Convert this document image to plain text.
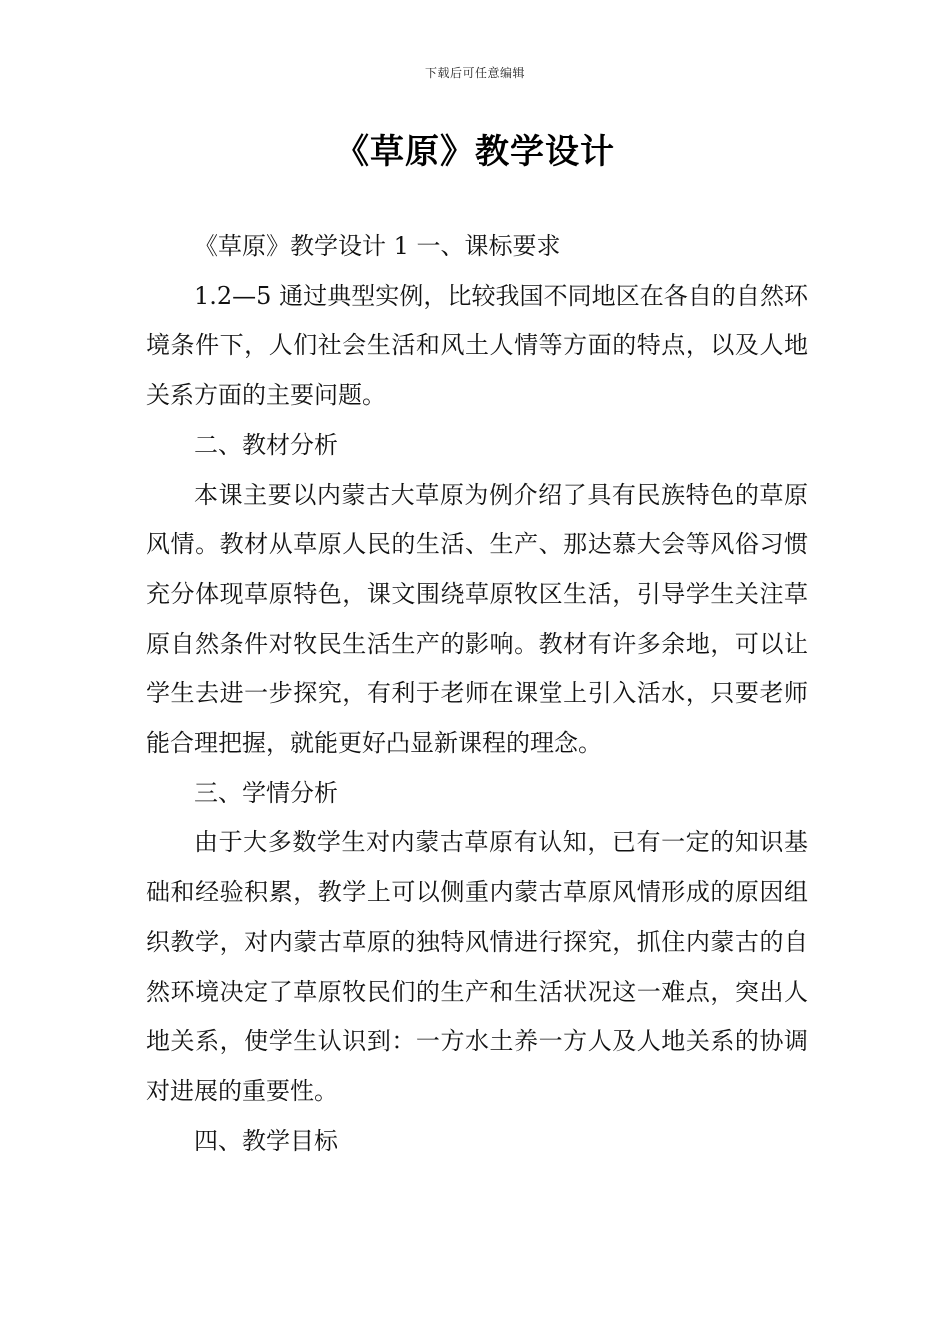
下载后可任意编辑
《草原》教学设计

《草原》教学设计 1 一、课标要求

1.2—5 通过典型实例，比较我国不同地区在各自的自然环境条件下，人们社会生活和风土人情等方面的特点，以及人地关系方面的主要问题。

二、教材分析

本课主要以内蒙古大草原为例介绍了具有民族特色的草原风情。教材从草原人民的生活、生产、那达慕大会等风俗习惯充分体现草原特色，课文围绕草原牧区生活，引导学生关注草原自然条件对牧民生活生产的影响。教材有许多余地，可以让学生去进一步探究，有利于老师在课堂上引入活水，只要老师能合理把握，就能更好凸显新课程的理念。

三、学情分析

由于大多数学生对内蒙古草原有认知，已有一定的知识基础和经验积累，教学上可以侧重内蒙古草原风情形成的原因组织教学，对内蒙古草原的独特风情进行探究，抓住内蒙古的自然环境决定了草原牧民们的生产和生活状况这一难点，突出人地关系，使学生认识到：一方水土养一方人及人地关系的协调对进展的重要性。

四、教学目标
